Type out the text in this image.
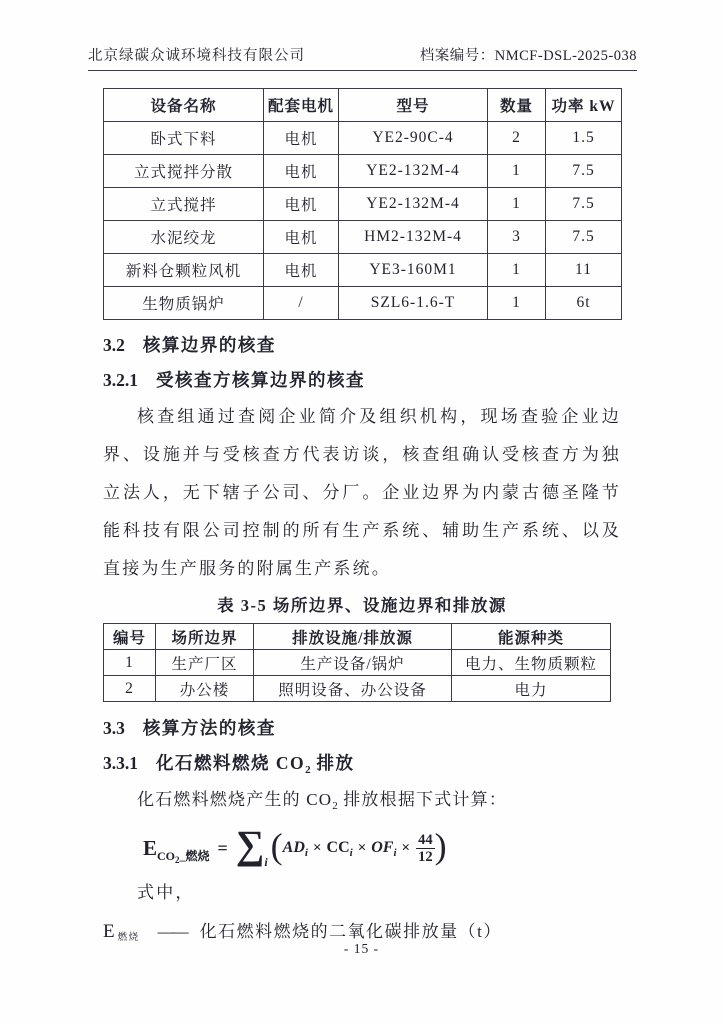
北京绿碳众诚环境科技有限公司	档案编号：NMCF-DSL-2025-038
设备名称	配套电机	型号	数量	功率 kW
卧式下料	电机	YE2-90C-4	2	1.5
立式搅拌分散	电机	YE2-132M-4	1	7.5
立式搅拌	电机	YE2-132M-4	1	7.5
水泥绞龙	电机	HM2-132M-4	3	7.5
新料仓颗粒风机	电机	YE3-160M1	1	11
生物质锅炉	/	SZL6-1.6-T	1	6t
3.2 核算边界的核查
3.2.1 受核查方核算边界的核查

核查组通过查阅企业简介及组织机构，现场查验企业边界、设施并与受核查方代表访谈，核查组确认受核查方为独立法人，无下辖子公司、分厂。企业边界为内蒙古德圣隆节能科技有限公司控制的所有生产系统、辅助生产系统、以及直接为生产服务的附属生产系统。

表 3-5 场所边界、设施边界和排放源
编号	场所边界	排放设施/排放源	能源种类
1	生产厂区	生产设备/锅炉	电力、生物质颗粒
2	办公楼	照明设备、办公设备	电力
3.3 核算方法的核查
3.3.1 化石燃料燃烧 $CO_2$ 排放

化石燃料燃烧产生的 $CO_2$ 排放根据下式计算：

E $CO_2\_$燃烧 = ∑ i ( AD i × CC i × OF $i \times \frac{44}{12}$ )

式中，

E 燃烧 —— 化石燃料燃烧的二氧化碳排放量（t）
- 15 -
